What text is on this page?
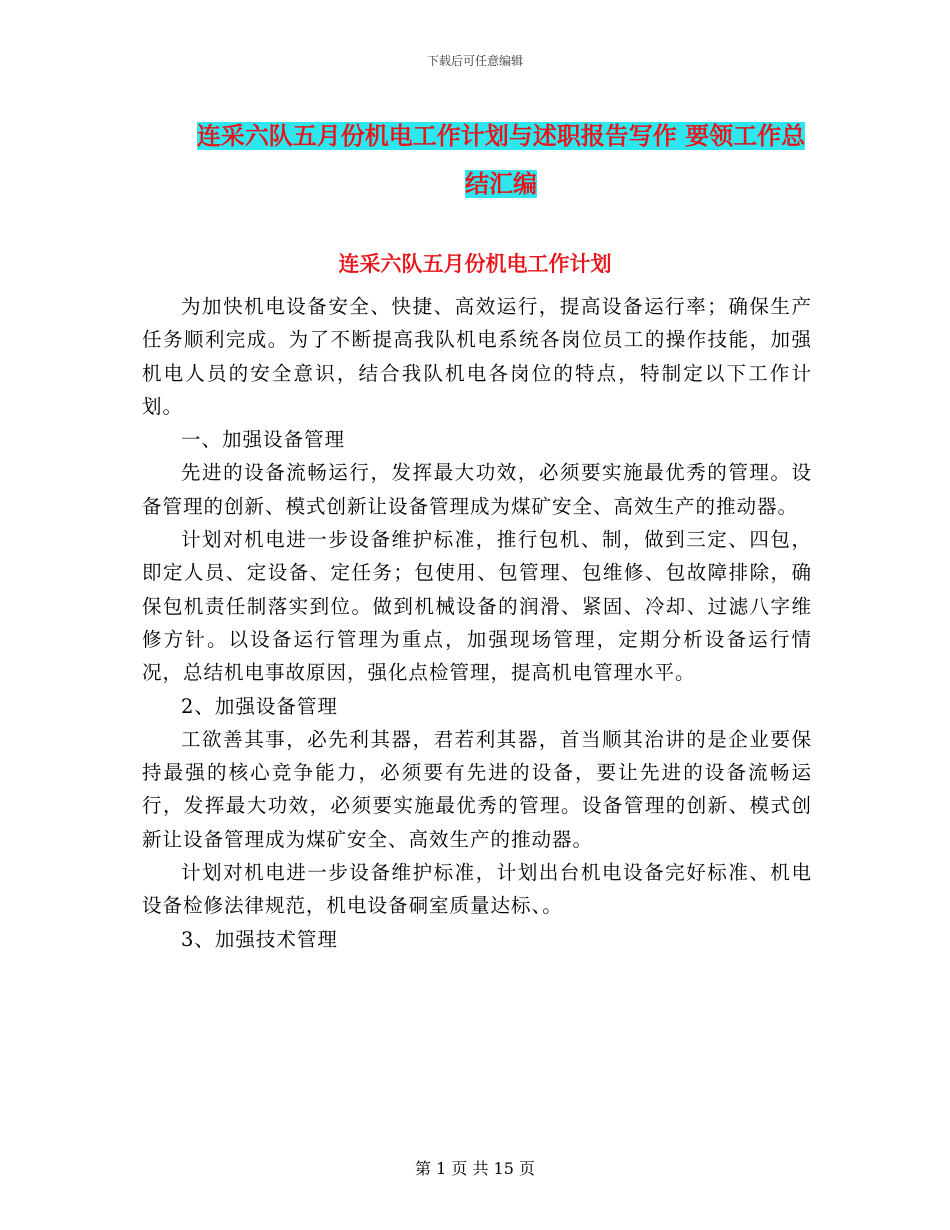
下载后可任意编辑
连采六队五月份机电工作计划与述职报告写作 要领工作总结汇编
连采六队五月份机电工作计划

为加快机电设备安全、快捷、高效运行，提高设备运行率；确保生产任务顺利完成。为了不断提高我队机电系统各岗位员工的操作技能，加强机电人员的安全意识，结合我队机电各岗位的特点，特制定以下工作计划。

一、加强设备管理

先进的设备流畅运行，发挥最大功效，必须要实施最优秀的管理。设备管理的创新、模式创新让设备管理成为煤矿安全、高效生产的推动器。

计划对机电进一步设备维护标准，推行包机、制，做到三定、四包，即定人员、定设备、定任务；包使用、包管理、包维修、包故障排除，确保包机责任制落实到位。做到机械设备的润滑、紧固、冷却、过滤八字维修方针。以设备运行管理为重点，加强现场管理，定期分析设备运行情况，总结机电事故原因，强化点检管理，提高机电管理水平。

2、加强设备管理

工欲善其事，必先利其器，君若利其器，首当顺其治讲的是企业要保持最强的核心竞争能力，必须要有先进的设备，要让先进的设备流畅运行，发挥最大功效，必须要实施最优秀的管理。设备管理的创新、模式创新让设备管理成为煤矿安全、高效生产的推动器。

计划对机电进一步设备维护标准，计划出台机电设备完好标准、机电设备检修法律规范，机电设备硐室质量达标、。

3、加强技术管理

第 1 页 共 15 页
